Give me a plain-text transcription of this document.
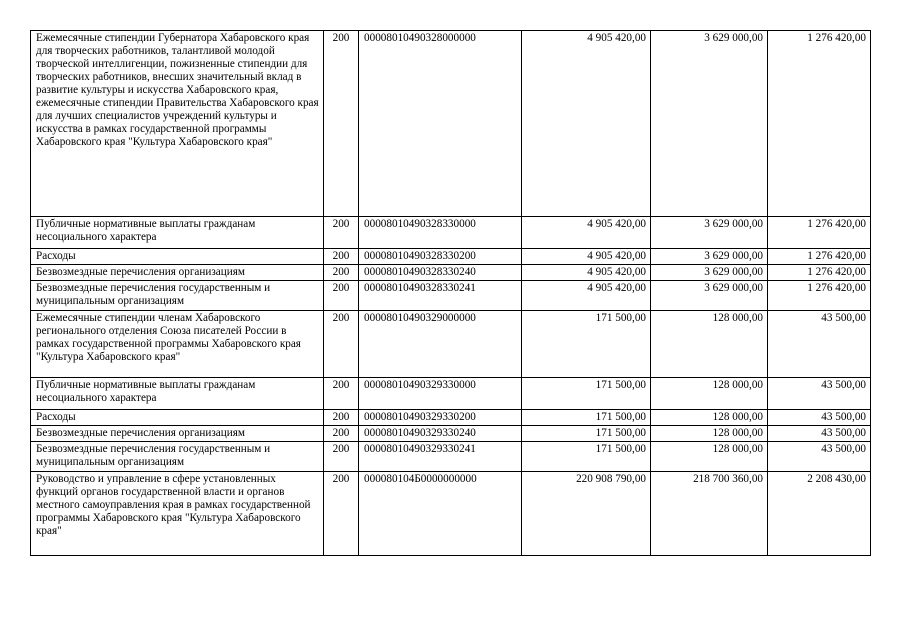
Ежемесячные стипендии Губернатора Хабаровского края для творческих работников, талантливой молодой творческой интеллигенции, пожизненные стипендии для творческих работников, внесших значительный вклад в развитие культуры и искусства Хабаровского края, ежемесячные стипендии Правительства Хабаровского края для лучших специалистов учреждений культуры и искусства в рамках государственной программы Хабаровского края "Культура Хабаровского края"	200	00008010490328000000	4 905 420,00	3 629 000,00	1 276 420,00
Публичные нормативные выплаты гражданам несоциального характера	200	00008010490328330000	4 905 420,00	3 629 000,00	1 276 420,00
Расходы	200	00008010490328330200	4 905 420,00	3 629 000,00	1 276 420,00
Безвозмездные перечисления организациям	200	00008010490328330240	4 905 420,00	3 629 000,00	1 276 420,00
Безвозмездные перечисления государственным и муниципальным организациям	200	00008010490328330241	4 905 420,00	3 629 000,00	1 276 420,00
Ежемесячные стипендии членам Хабаровского регионального отделения Союза писателей России в рамках государственной программы Хабаровского края "Культура Хабаровского края"	200	00008010490329000000	171 500,00	128 000,00	43 500,00
Публичные нормативные выплаты гражданам несоциального характера	200	00008010490329330000	171 500,00	128 000,00	43 500,00
Расходы	200	00008010490329330200	171 500,00	128 000,00	43 500,00
Безвозмездные перечисления организациям	200	00008010490329330240	171 500,00	128 000,00	43 500,00
Безвозмездные перечисления государственным и муниципальным организациям	200	00008010490329330241	171 500,00	128 000,00	43 500,00
Руководство и управление в сфере установленных функций органов государственной власти и органов местного самоуправления края в рамках государственной программы Хабаровского края "Культура Хабаровского края"	200	000080104Б0000000000	220 908 790,00	218 700 360,00	2 208 430,00
